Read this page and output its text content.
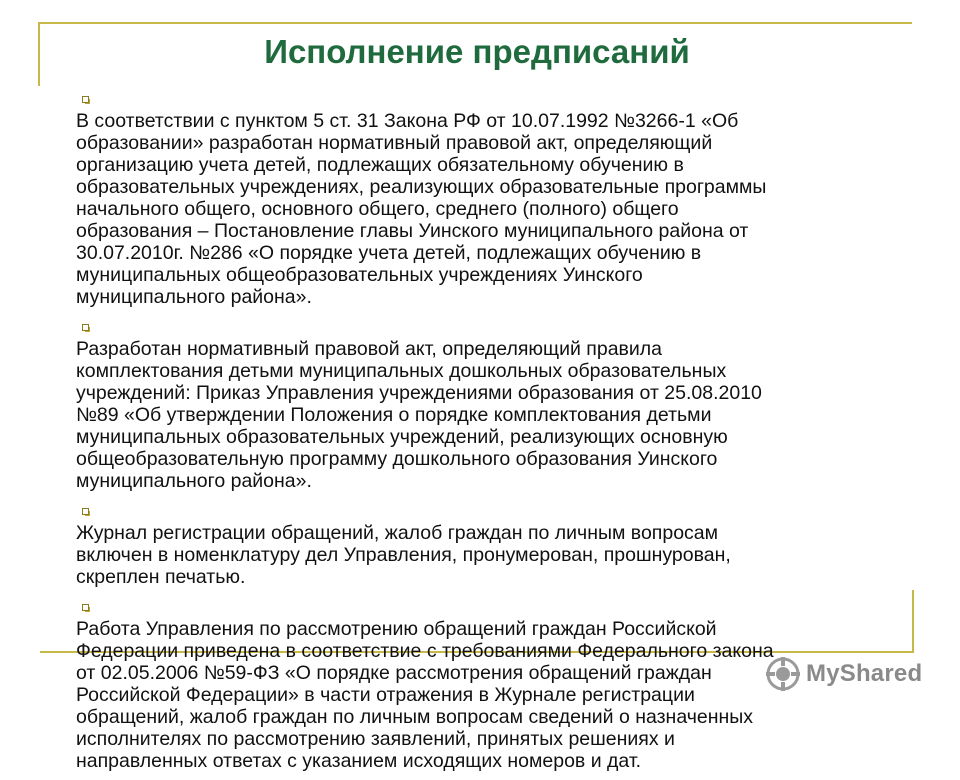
Исполнение предписаний

В соответствии с пунктом 5 ст. 31 Закона РФ от 10.07.1992 №3266-1 «Об
образовании» разработан нормативный правовой акт, определяющий
организацию учета детей, подлежащих обязательному обучению в
образовательных учреждениях, реализующих образовательные программы
начального общего, основного общего, среднего (полного) общего
образования – Постановление главы Уинского муниципального района от
30.07.2010г. №286 «О порядке учета детей, подлежащих обучению в
муниципальных общеобразовательных учреждениях Уинского
муниципального района».

Разработан нормативный правовой акт, определяющий правила
комплектования детьми муниципальных дошкольных образовательных
учреждений: Приказ Управления учреждениями образования от 25.08.2010
№89 «Об утверждении Положения о порядке комплектования детьми
муниципальных образовательных учреждений, реализующих основную
общеобразовательную программу дошкольного образования Уинского
муниципального района».

Журнал регистрации обращений, жалоб граждан по личным вопросам
включен в номенклатуру дел Управления, пронумерован, прошнурован,
скреплен печатью.

Работа Управления по рассмотрению обращений граждан Российской
Федерации приведена в соответствие с требованиями Федерального закона
от 02.05.2006 №59-ФЗ «О порядке рассмотрения обращений граждан
Российской Федерации» в части отражения в Журнале регистрации
обращений, жалоб граждан по личным вопросам сведений о назначенных
исполнителях по рассмотрению заявлений, принятых решениях и
направленных ответах с указанием исходящих номеров и дат.

MyShared
